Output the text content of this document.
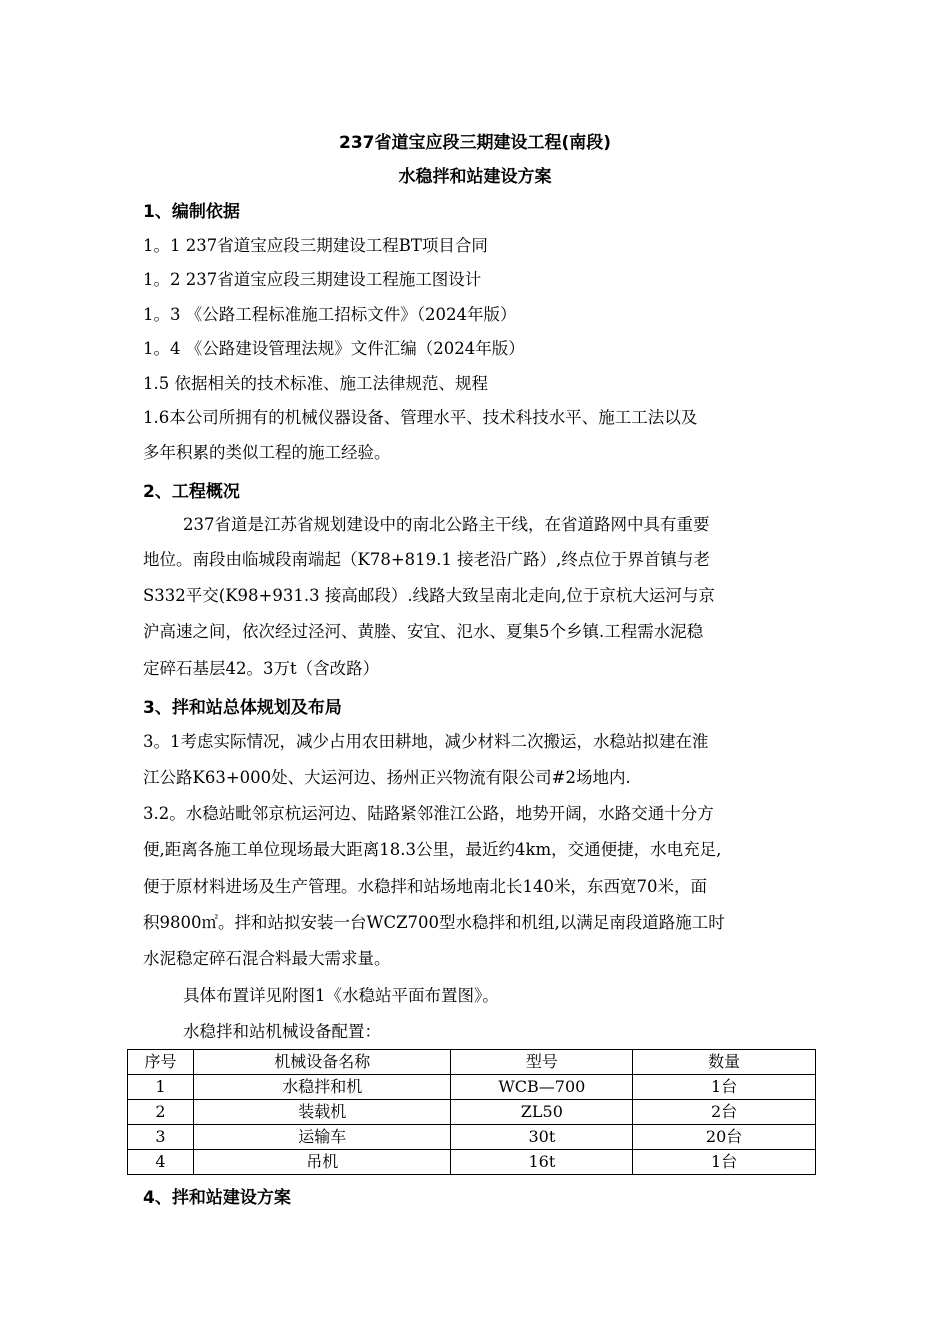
237省道宝应段三期建设工程(南段)
水稳拌和站建设方案
1、编制依据
1。1 237省道宝应段三期建设工程BT项目合同
1。2 237省道宝应段三期建设工程施工图设计
1。3 《公路工程标准施工招标文件》（2024年版）
1。4 《公路建设管理法规》文件汇编（2024年版）
1.5 依据相关的技术标准、施工法律规范、规程
1.6本公司所拥有的机械仪器设备、管理水平、技术科技水平、施工工法以及
多年积累的类似工程的施工经验。
2、工程概况
237省道是江苏省规划建设中的南北公路主干线，在省道路网中具有重要
地位。南段由临城段南端起（K78+819.1 接老沿广路）,终点位于界首镇与老
S332平交(K98+931.3 接高邮段）.线路大致呈南北走向,位于京杭大运河与京
沪高速之间，依次经过泾河、黄塍、安宜、氾水、夏集5个乡镇.工程需水泥稳
定碎石基层42。3万t（含改路）
3、拌和站总体规划及布局
3。1考虑实际情况，减少占用农田耕地，减少材料二次搬运，水稳站拟建在淮
江公路K63+000处、大运河边、扬州正兴物流有限公司#2场地内.
3.2。水稳站毗邻京杭运河边、陆路紧邻淮江公路，地势开阔，水路交通十分方
便,距离各施工单位现场最大距离18.3公里，最近约4km，交通便捷，水电充足,
便于原材料进场及生产管理。水稳拌和站场地南北长140米，东西宽70米，面
积9800㎡。拌和站拟安装一台WCZ700型水稳拌和机组,以满足南段道路施工时
水泥稳定碎石混合料最大需求量。
具体布置详见附图1《水稳站平面布置图》。
水稳拌和站机械设备配置：
序号	机械设备名称	型号	数量
1	水稳拌和机	WCB—700	1台
2	装载机	ZL50	2台
3	运输车	30t	20台
4	吊机	16t	1台
4、拌和站建设方案
